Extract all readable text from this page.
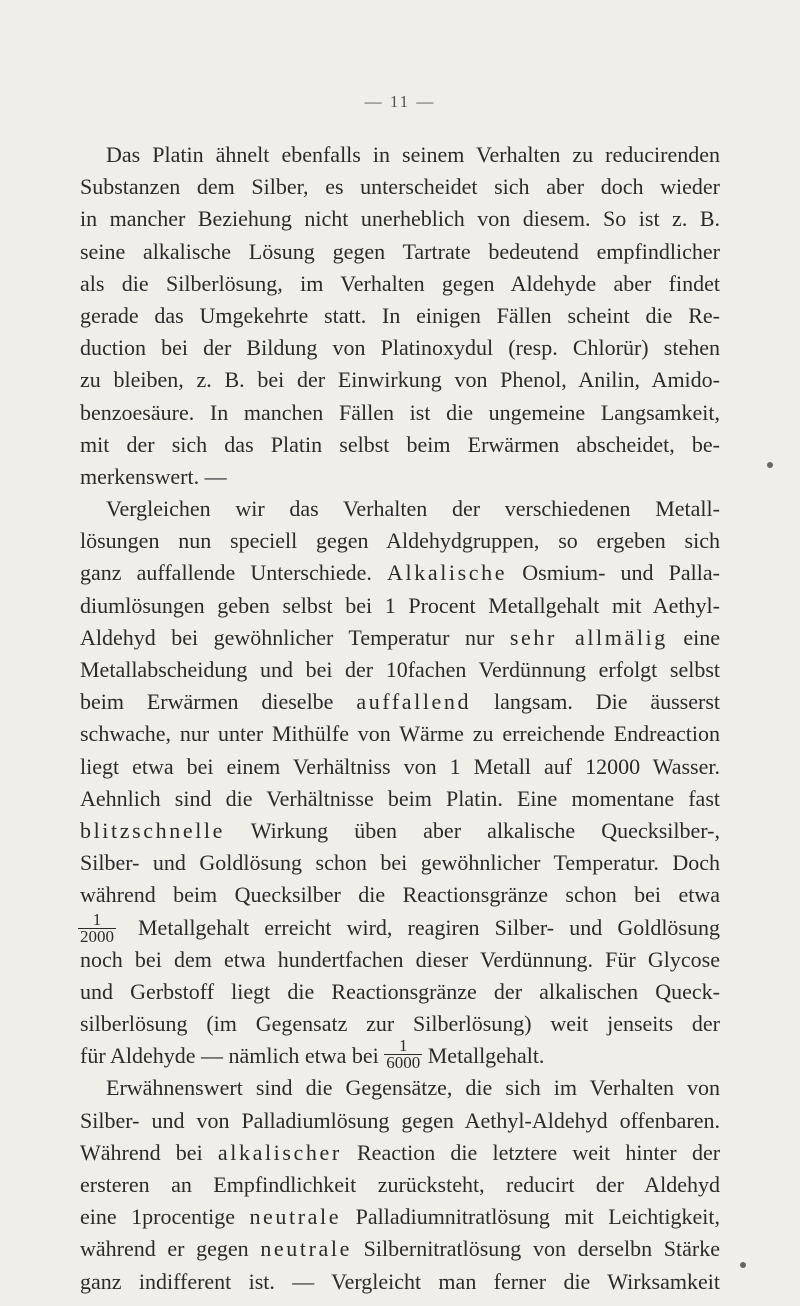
— 11 —
Das Platin ähnelt ebenfalls in seinem Verhalten zu reducirenden
Substanzen dem Silber, es unterscheidet sich aber doch wieder
in mancher Beziehung nicht unerheblich von diesem. So ist z. B.
seine alkalische Lösung gegen Tartrate bedeutend empfindlicher
als die Silberlösung, im Verhalten gegen Aldehyde aber findet
gerade das Umgekehrte statt. In einigen Fällen scheint die Re-
duction bei der Bildung von Platinoxydul (resp. Chlorür) stehen
zu bleiben, z. B. bei der Einwirkung von Phenol, Anilin, Amido-
benzoesäure. In manchen Fällen ist die ungemeine Langsamkeit,
mit der sich das Platin selbst beim Erwärmen abscheidet, be-
merkenswert. —
Vergleichen wir das Verhalten der verschiedenen Metall-
lösungen nun speciell gegen Aldehydgruppen, so ergeben sich
ganz auffallende Unterschiede. Alkalische Osmium- und Palla-
diumlösungen geben selbst bei 1 Procent Metallgehalt mit Aethyl-
Aldehyd bei gewöhnlicher Temperatur nur sehr allmälig eine
Metallabscheidung und bei der 10fachen Verdünnung erfolgt selbst
beim Erwärmen dieselbe auffallend langsam. Die äusserst
schwache, nur unter Mithülfe von Wärme zu erreichende Endreaction
liegt etwa bei einem Verhältniss von 1 Metall auf 12000 Wasser.
Aehnlich sind die Verhältnisse beim Platin. Eine momentane fast
blitzschnelle Wirkung üben aber alkalische Quecksilber-,
Silber- und Goldlösung schon bei gewöhnlicher Temperatur. Doch
während beim Quecksilber die Reactionsgränze schon bei etwa
$\frac{1}{2000}$ Metallgehalt erreicht wird, reagiren Silber- und Goldlösung
noch bei dem etwa hundertfachen dieser Verdünnung. Für Glycose
und Gerbstoff liegt die Reactionsgränze der alkalischen Queck-
silberlösung (im Gegensatz zur Silberlösung) weit jenseits der
für Aldehyde — nämlich etwa bei $\frac{1}{6000}$ Metallgehalt.
Erwähnenswert sind die Gegensätze, die sich im Verhalten von
Silber- und von Palladiumlösung gegen Aethyl-Aldehyd offenbaren.
Während bei alkalischer Reaction die letztere weit hinter der
ersteren an Empfindlichkeit zurücksteht, reducirt der Aldehyd
eine 1procentige neutrale Palladiumnitratlösung mit Leichtigkeit,
während er gegen neutrale Silbernitratlösung von derselbn Stärke
ganz indifferent ist. — Vergleicht man ferner die Wirksamkeit
